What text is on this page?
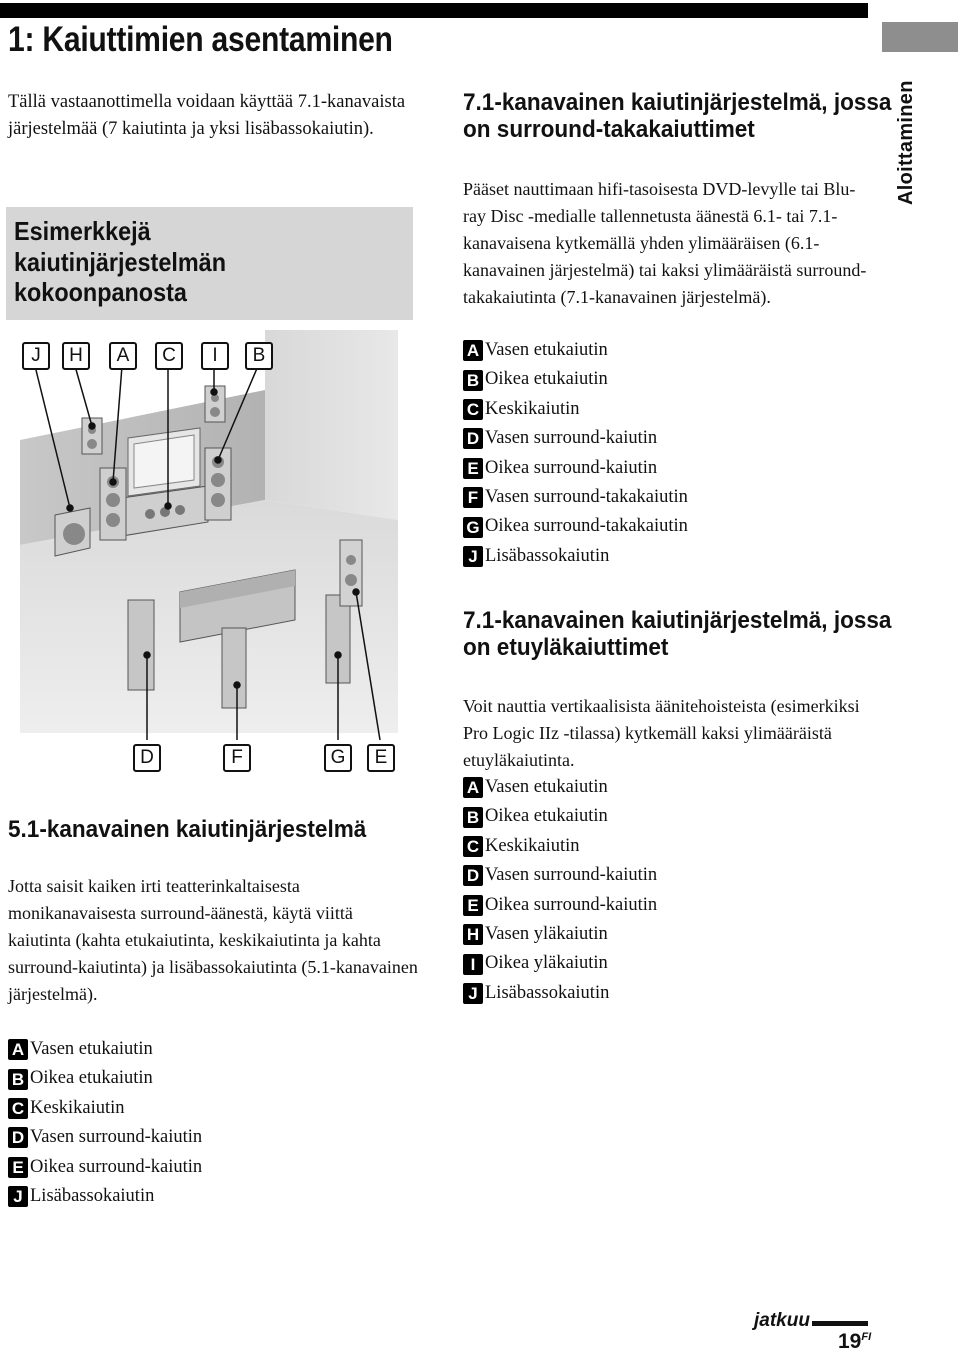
1: Kaiuttimien asentaminen
Aloittaminen
Tällä vastaanottimella voidaan käyttää 7.1-kanavaista järjestelmää (7 kaiutinta ja yksi lisäbassokaiutin).
Esimerkkejä kaiutinjärjestelmän kokoonpanosta
J	H	A	C	I	B
D	F	G	E
5.1-kanavainen kaiutinjärjestelmä
Jotta saisit kaiken irti teatterinkaltaisesta monikanavaisesta surround-äänestä, käytä viittä kaiutinta (kahta etukaiutinta, keskikaiutinta ja kahta surround-kaiutinta) ja lisäbassokaiutinta (5.1-kanavainen järjestelmä).
A Vasen etukaiutin
B Oikea etukaiutin
C Keskikaiutin
D Vasen surround-kaiutin
E Oikea surround-kaiutin
J Lisäbassokaiutin
7.1-kanavainen kaiutinjärjestelmä, jossa on surround-takakaiuttimet
Pääset nauttimaan hifi-tasoisesta DVD-levylle tai Blu-ray Disc -medialle tallennetusta äänestä 6.1- tai 7.1-kanavaisena kytkemällä yhden ylimääräisen (6.1-kanavainen järjestelmä) tai kaksi ylimääräistä surround-takakaiutinta (7.1-kanavainen järjestelmä).
A Vasen etukaiutin
B Oikea etukaiutin
C Keskikaiutin
D Vasen surround-kaiutin
E Oikea surround-kaiutin
F Vasen surround-takakaiutin
G Oikea surround-takakaiutin
J Lisäbassokaiutin
7.1-kanavainen kaiutinjärjestelmä, jossa on etuyläkaiuttimet
Voit nauttia vertikaalisista äänitehoisteista (esimerkiksi Pro Logic IIz -tilassa) kytkemäll kaksi ylimääräistä etuyläkaiutinta.
A Vasen etukaiutin
B Oikea etukaiutin
C Keskikaiutin
D Vasen surround-kaiutin
E Oikea surround-kaiutin
H Vasen yläkaiutin
I Oikea yläkaiutin
J Lisäbassokaiutin
jatkuu
$19^{FI}$
